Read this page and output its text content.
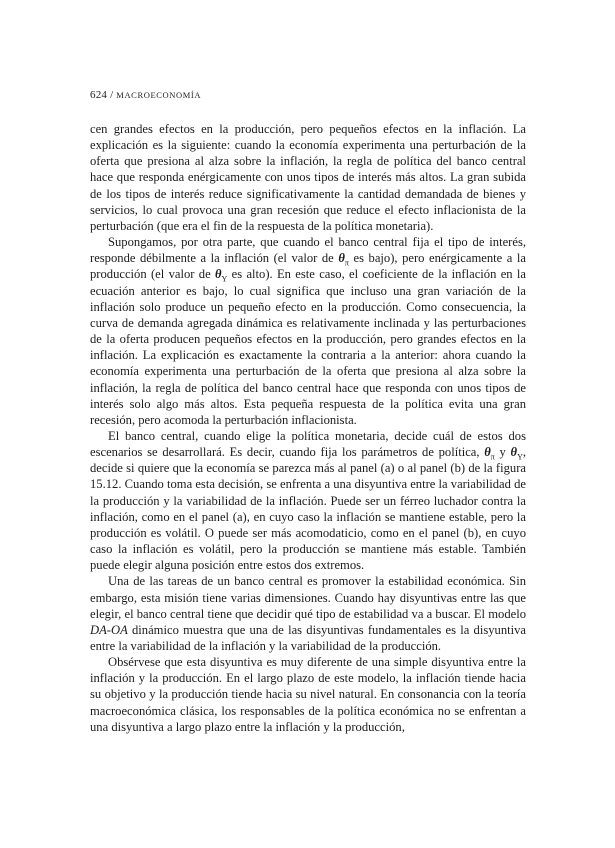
624 / MACROECONOMÍA

cen grandes efectos en la producción, pero pequeños efectos en la inflación. La explicación es la siguiente: cuando la economía experimenta una perturbación de la oferta que presiona al alza sobre la inflación, la regla de política del banco central hace que responda enérgicamente con unos tipos de interés más altos. La gran subida de los tipos de interés reduce significativamente la cantidad demandada de bienes y servicios, lo cual provoca una gran recesión que reduce el efecto inflacionista de la perturbación (que era el fin de la respuesta de la política monetaria).

Supongamos, por otra parte, que cuando el banco central fija el tipo de interés, responde débilmente a la inflación (el valor de $\theta_\pi$ es bajo), pero enérgicamente a la producción (el valor de $\theta_Y$ es alto). En este caso, el coeficiente de la inflación en la ecuación anterior es bajo, lo cual significa que incluso una gran variación de la inflación solo produce un pequeño efecto en la producción. Como consecuencia, la curva de demanda agregada dinámica es relativamente inclinada y las perturbaciones de la oferta producen pequeños efectos en la producción, pero grandes efectos en la inflación. La explicación es exactamente la contraria a la anterior: ahora cuando la economía experimenta una perturbación de la oferta que presiona al alza sobre la inflación, la regla de política del banco central hace que responda con unos tipos de interés solo algo más altos. Esta pequeña respuesta de la política evita una gran recesión, pero acomoda la perturbación inflacionista.

El banco central, cuando elige la política monetaria, decide cuál de estos dos escenarios se desarrollará. Es decir, cuando fija los parámetros de política, $\theta_\pi$ y $\theta_Y$, decide si quiere que la economía se parezca más al panel (a) o al panel (b) de la figura 15.12. Cuando toma esta decisión, se enfrenta a una disyuntiva entre la variabilidad de la producción y la variabilidad de la inflación. Puede ser un férreo luchador contra la inflación, como en el panel (a), en cuyo caso la inflación se mantiene estable, pero la producción es volátil. O puede ser más acomodaticio, como en el panel (b), en cuyo caso la inflación es volátil, pero la producción se mantiene más estable. También puede elegir alguna posición entre estos dos extremos.

Una de las tareas de un banco central es promover la estabilidad económica. Sin embargo, esta misión tiene varias dimensiones. Cuando hay disyuntivas entre las que elegir, el banco central tiene que decidir qué tipo de estabilidad va a buscar. El modelo DA-OA dinámico muestra que una de las disyuntivas fundamentales es la disyuntiva entre la variabilidad de la inflación y la variabilidad de la producción.

Obsérvese que esta disyuntiva es muy diferente de una simple disyuntiva entre la inflación y la producción. En el largo plazo de este modelo, la inflación tiende hacia su objetivo y la producción tiende hacia su nivel natural. En consonancia con la teoría macroeconómica clásica, los responsables de la política económica no se enfrentan a una disyuntiva a largo plazo entre la inflación y la producción,
